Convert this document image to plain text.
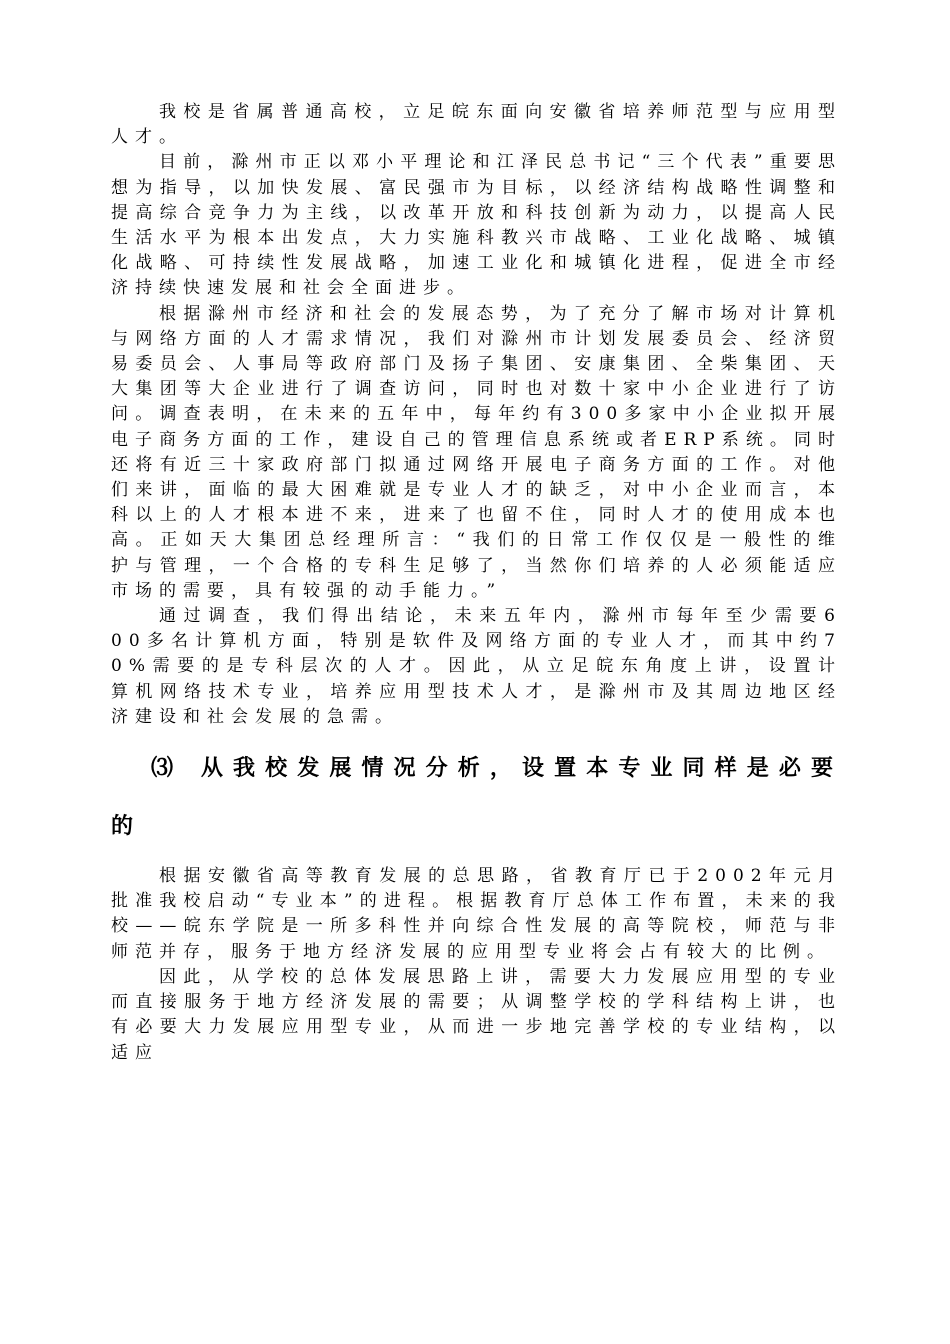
我校是省属普通高校，立足皖东面向安徽省培养师范型与应用型人才。

目前，滁州市正以邓小平理论和江泽民总书记“三个代表”重要思想为指导，以加快发展、富民强市为目标，以经济结构战略性调整和提高综合竞争力为主线，以改革开放和科技创新为动力，以提高人民生活水平为根本出发点，大力实施科教兴市战略、工业化战略、城镇化战略、可持续性发展战略，加速工业化和城镇化进程，促进全市经济持续快速发展和社会全面进步。

根据滁州市经济和社会的发展态势，为了充分了解市场对计算机与网络方面的人才需求情况，我们对滁州市计划发展委员会、经济贸易委员会、人事局等政府部门及扬子集团、安康集团、全柴集团、天大集团等大企业进行了调查访问，同时也对数十家中小企业进行了访问。调查表明，在未来的五年中，每年约有300多家中小企业拟开展电子商务方面的工作，建设自己的管理信息系统或者ERP系统。同时还将有近三十家政府部门拟通过网络开展电子商务方面的工作。对他们来讲，面临的最大困难就是专业人才的缺乏，对中小企业而言，本科以上的人才根本进不来，进来了也留不住，同时人才的使用成本也高。正如天大集团总经理所言：“我们的日常工作仅仅是一般性的维护与管理，一个合格的专科生足够了，当然你们培养的人必须能适应市场的需要，具有较强的动手能力。”

通过调查，我们得出结论，未来五年内，滁州市每年至少需要600多名计算机方面，特别是软件及网络方面的专业人才，而其中约70%需要的是专科层次的人才。因此，从立足皖东角度上讲，设置计算机网络技术专业，培养应用型技术人才，是滁州市及其周边地区经济建设和社会发展的急需。

⑶ 从我校发展情况分析，设置本专业同样是必要的

根据安徽省高等教育发展的总思路，省教育厅已于2002年元月批准我校启动“专业本”的进程。根据教育厅总体工作布置，未来的我校——皖东学院是一所多科性并向综合性发展的高等院校，师范与非师范并存，服务于地方经济发展的应用型专业将会占有较大的比例。

因此，从学校的总体发展思路上讲，需要大力发展应用型的专业而直接服务于地方经济发展的需要；从调整学校的学科结构上讲，也有必要大力发展应用型专业，从而进一步地完善学校的专业结构，以适应
